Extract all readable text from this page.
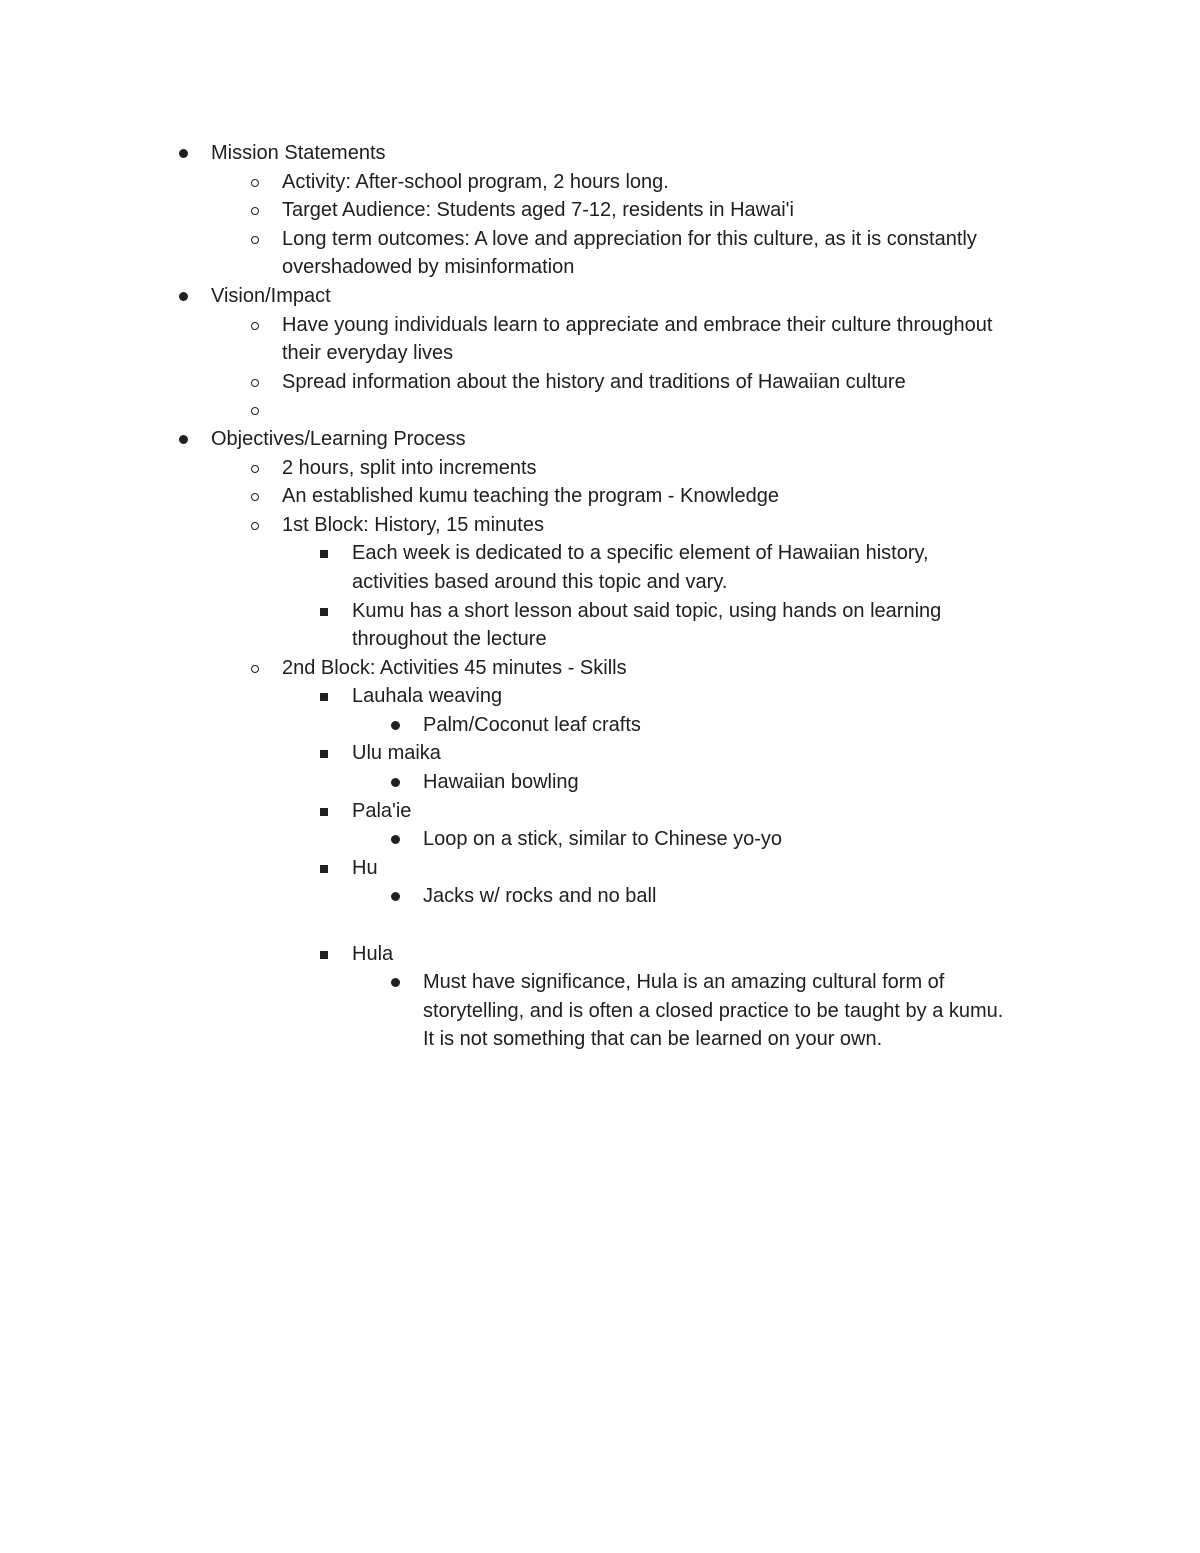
Mission Statements
Activity: After-school program, 2 hours long.
Target Audience: Students aged 7-12, residents in Hawai'i
Long term outcomes: A love and appreciation for this culture, as it is constantly
overshadowed by misinformation
Vision/Impact
Have young individuals learn to appreciate and embrace their culture throughout
their everyday lives
Spread information about the history and traditions of Hawaiian culture
Objectives/Learning Process
2 hours, split into increments
An established kumu teaching the program - Knowledge
1st Block: History, 15 minutes
Each week is dedicated to a specific element of Hawaiian history,
activities based around this topic and vary.
Kumu has a short lesson about said topic, using hands on learning
throughout the lecture
2nd Block: Activities 45 minutes - Skills
Lauhala weaving
Palm/Coconut leaf crafts
Ulu maika
Hawaiian bowling
Pala'ie
Loop on a stick, similar to Chinese yo-yo
Hu
Jacks w/ rocks and no ball
Hula
Must have significance, Hula is an amazing cultural form of
storytelling, and is often a closed practice to be taught by a kumu.
It is not something that can be learned on your own.
